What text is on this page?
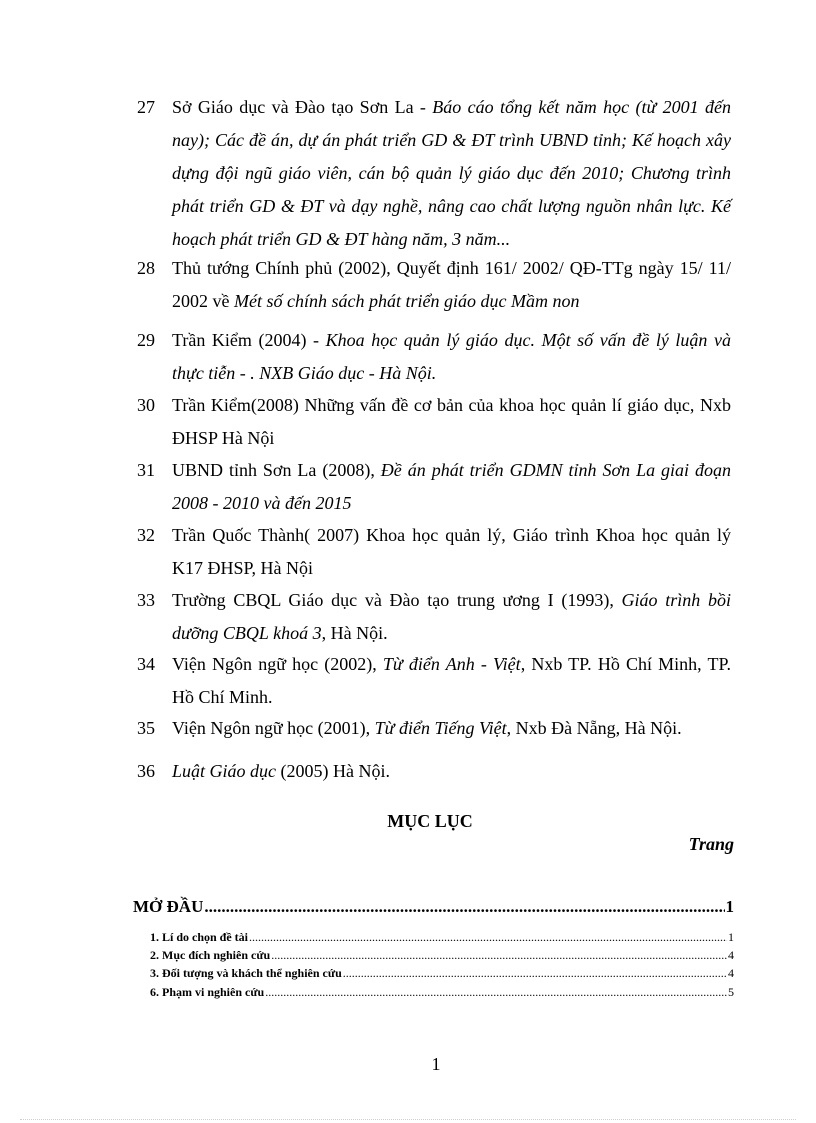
27 Sở Giáo dục và Đào tạo Sơn La - Báo cáo tổng kết năm học (từ 2001 đến nay); Các đề án, dự án phát triển GD & ĐT trình UBND tỉnh; Kế hoạch xây dựng đội ngũ giáo viên, cán bộ quản lý giáo dục đến 2010; Chương trình phát triển GD & ĐT và dạy nghề, nâng cao chất lượng nguồn nhân lực. Kế hoạch phát triển GD & ĐT hàng năm, 3 năm...
28 Thủ tướng Chính phủ (2002), Quyết định 161/ 2002/ QĐ-TTg ngày 15/ 11/ 2002 về Mét số chính sách phát triển giáo dục Mầm non
29 Trần Kiểm (2004) - Khoa học quản lý giáo dục. Một số vấn đề lý luận và thực tiễn - . NXB Giáo dục - Hà Nội.
30 Trần Kiểm(2008) Những vấn đề cơ bản của khoa học quản lí giáo dục, Nxb ĐHSP Hà Nội
31 UBND tỉnh Sơn La (2008), Đề án phát triển GDMN tỉnh Sơn La giai đoạn 2008 - 2010 và đến 2015
32 Trần Quốc Thành( 2007) Khoa học quản lý, Giáo trình Khoa học quản lý K17 ĐHSP, Hà Nội
33 Trường CBQL Giáo dục và Đào tạo trung ương I (1993), Giáo trình bồi dưỡng CBQL khoá 3, Hà Nội.
34 Viện Ngôn ngữ học (2002), Từ điển Anh - Việt, Nxb TP. Hồ Chí Minh, TP. Hồ Chí Minh.
35 Viện Ngôn ngữ học (2001), Từ điển Tiếng Việt, Nxb Đà Nẵng, Hà Nội.
36 Luật Giáo dục (2005) Hà Nội.
MỤC LỤC
Trang
MỞ ĐẦU .....	1
1. Lí do chọn đề tài .....	1
2. Mục đích nghiên cứu .....	4
3. Đối tượng và khách thể nghiên cứu .....	4
6. Phạm vi nghiên cứu .....	5
1
